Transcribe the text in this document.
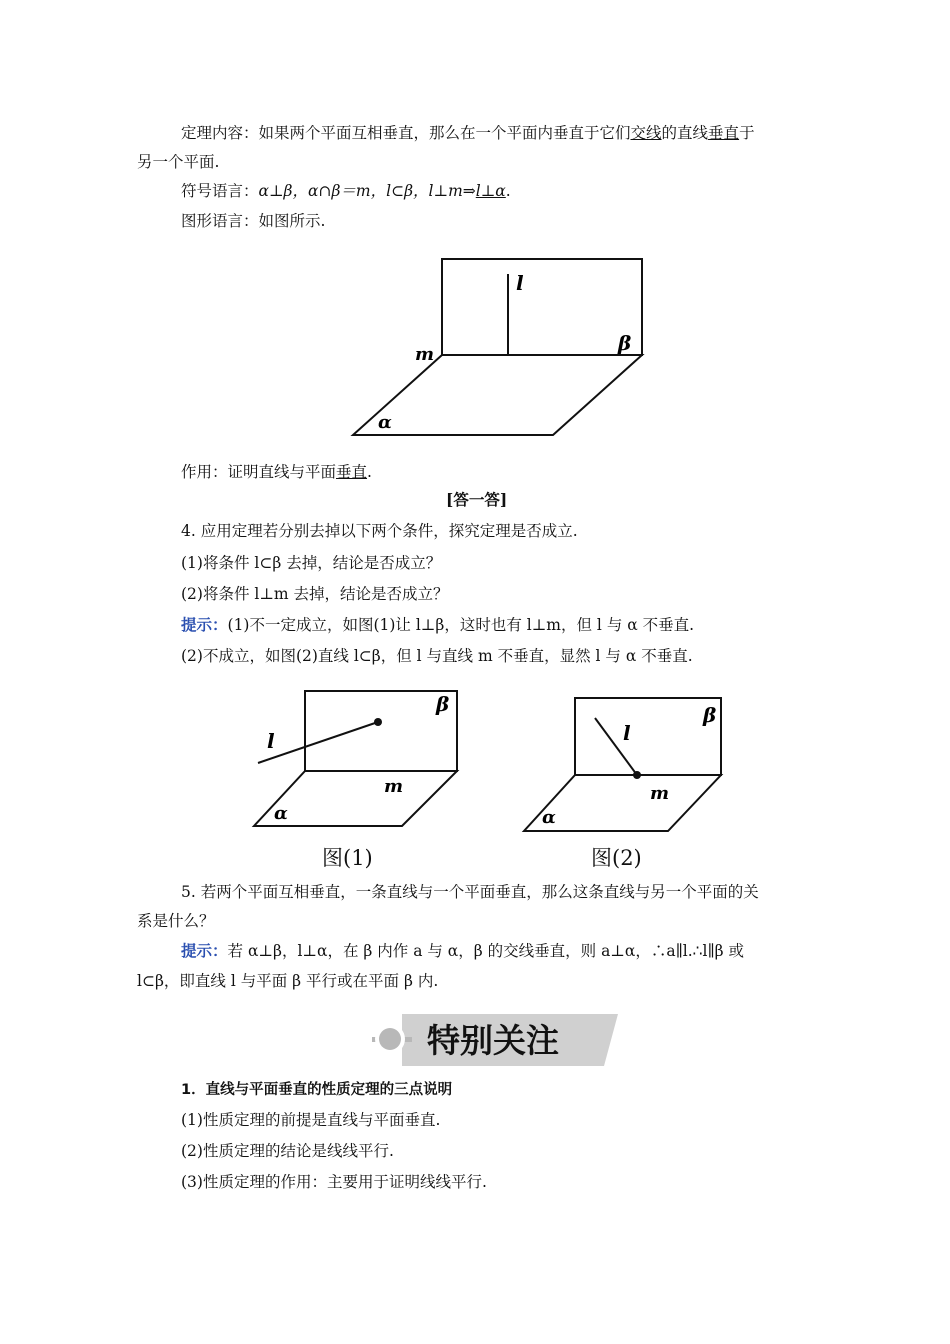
定理内容：如果两个平面互相垂直，那么在一个平面内垂直于它们交线的直线垂直于
另一个平面.
符号语言：α⊥β，α∩β＝m，l⊂β，l⊥m⇒l⊥α.
图形语言：如图所示.
l
m	β
α
作用：证明直线与平面垂直.
[答一答]
4. 应用定理若分别去掉以下两个条件，探究定理是否成立.
(1)将条件 l⊂β 去掉，结论是否成立？
(2)将条件 l⊥m 去掉，结论是否成立？
提示：(1)不一定成立，如图(1)让 l⊥β，这时也有 l⊥m，但 l 与 α 不垂直.
(2)不成立，如图(2)直线 l⊂β，但 l 与直线 m 不垂直，显然 l 与 α 不垂直.
β
l
m
α
图(1)
β
l
m
α
图(2)
5. 若两个平面互相垂直，一条直线与一个平面垂直，那么这条直线与另一个平面的关
系是什么？
提示：若 α⊥β，l⊥α，在 β 内作 a 与 α，β 的交线垂直，则 a⊥α，∴a∥l.∴l∥β 或
l⊂β，即直线 l 与平面 β 平行或在平面 β 内.
特别关注
1．直线与平面垂直的性质定理的三点说明
(1)性质定理的前提是直线与平面垂直.
(2)性质定理的结论是线线平行.
(3)性质定理的作用：主要用于证明线线平行.
